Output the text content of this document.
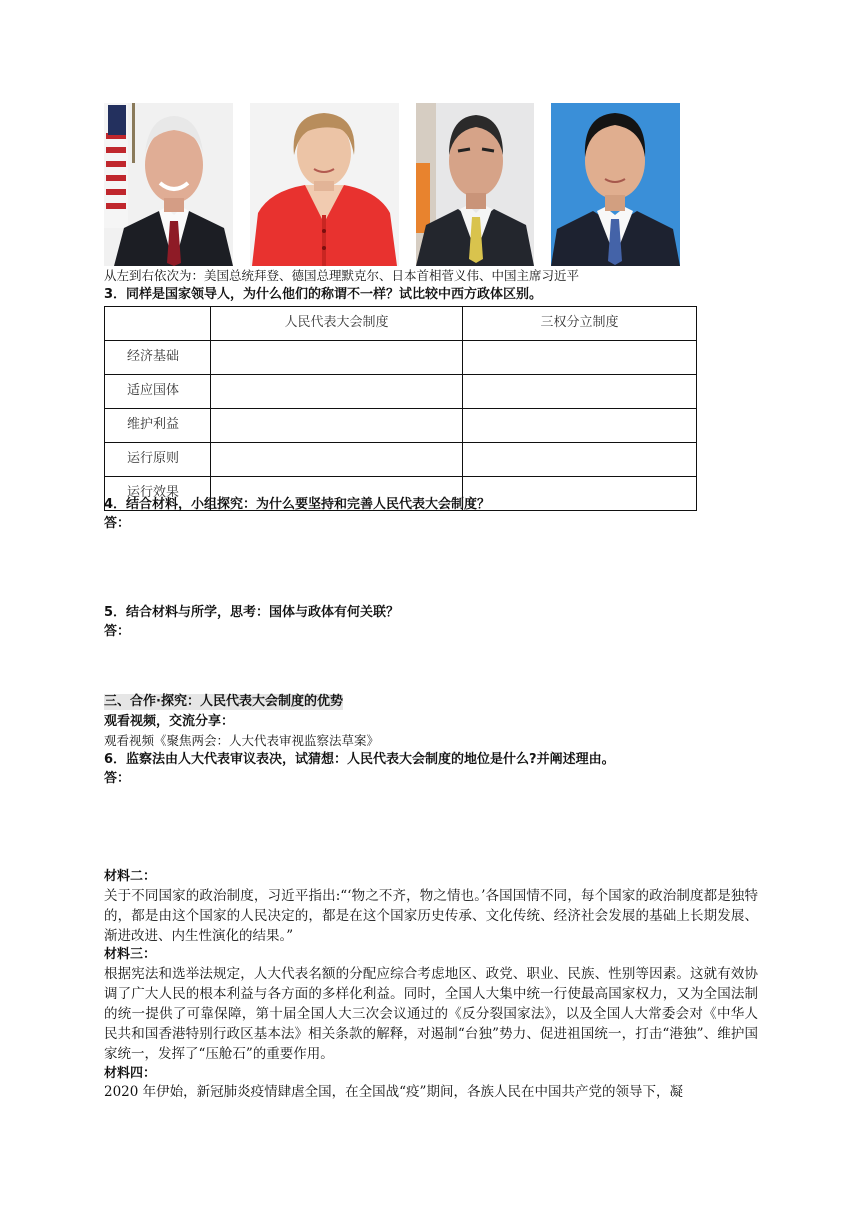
从左到右依次为：美国总统拜登、德国总理默克尔、日本首相菅义伟、中国主席习近平
3．同样是国家领导人，为什么他们的称谓不一样？试比较中西方政体区别。
	人民代表大会制度	三权分立制度
经济基础		
适应国体		
维护利益		
运行原则		
运行效果		
4．结合材料，小组探究：为什么要坚持和完善人民代表大会制度？
答：
5．结合材料与所学，思考：国体与政体有何关联？
答：
三、合作·探究：人民代表大会制度的优势
观看视频，交流分享：
观看视频《聚焦两会：人大代表审视监察法草案》
6．监察法由人大代表审议表决，试猜想：人民代表大会制度的地位是什么?并阐述理由。
答：
材料二：
关于不同国家的政治制度，习近平指出:“‘物之不齐，物之情也。’各国国情不同，每个国家的政治制度都是独特的，都是由这个国家的人民决定的，都是在这个国家历史传承、文化传统、经济社会发展的基础上长期发展、渐进改进、内生性演化的结果。”
材料三：
根据宪法和选举法规定，人大代表名额的分配应综合考虑地区、政党、职业、民族、性别等因素。这就有效协调了广大人民的根本利益与各方面的多样化利益。同时，全国人大集中统一行使最高国家权力，又为全国法制的统一提供了可靠保障，第十届全国人大三次会议通过的《反分裂国家法》，以及全国人大常委会对《中华人民共和国香港特别行政区基本法》相关条款的解释，对遏制“台独”势力、促进祖国统一，打击“港独”、维护国家统一，发挥了“压舱石”的重要作用。
材料四：
2020 年伊始，新冠肺炎疫情肆虐全国，在全国战“疫”期间，各族人民在中国共产党的领导下，凝
